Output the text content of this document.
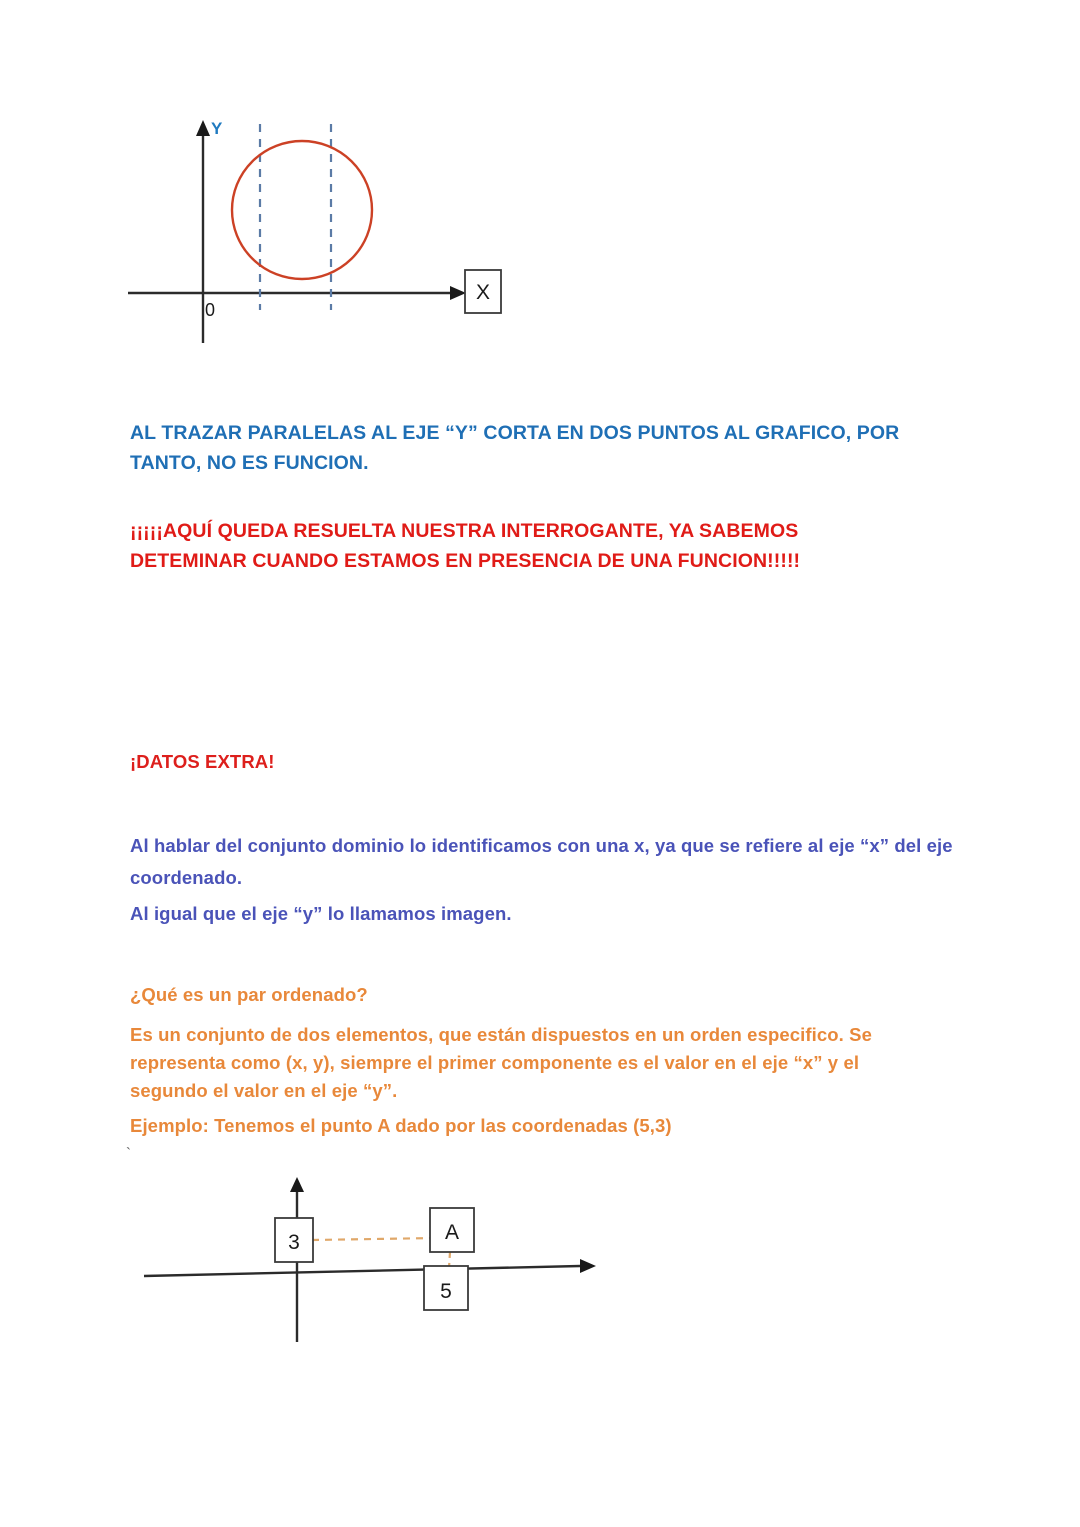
Y
0
X
AL TRAZAR PARALELAS AL EJE “Y” CORTA EN DOS PUNTOS AL GRAFICO, POR TANTO, NO ES FUNCION.
¡¡¡¡¡AQUÍ QUEDA RESUELTA NUESTRA INTERROGANTE, YA SABEMOS DETEMINAR CUANDO ESTAMOS EN PRESENCIA DE UNA FUNCION!!!!!
¡DATOS EXTRA!
Al hablar del conjunto dominio lo identificamos con una x, ya que se refiere al eje “x” del eje coordenado.
Al igual que el eje “y” lo llamamos imagen.
¿Qué es un par ordenado?
Es un conjunto de dos elementos, que están dispuestos en un orden especifico. Se representa como (x, y), siempre el primer componente es el valor en el eje “x” y el segundo el valor en el eje “y”.
Ejemplo: Tenemos el punto A dado por las coordenadas (5,3)
`
3	A
5
